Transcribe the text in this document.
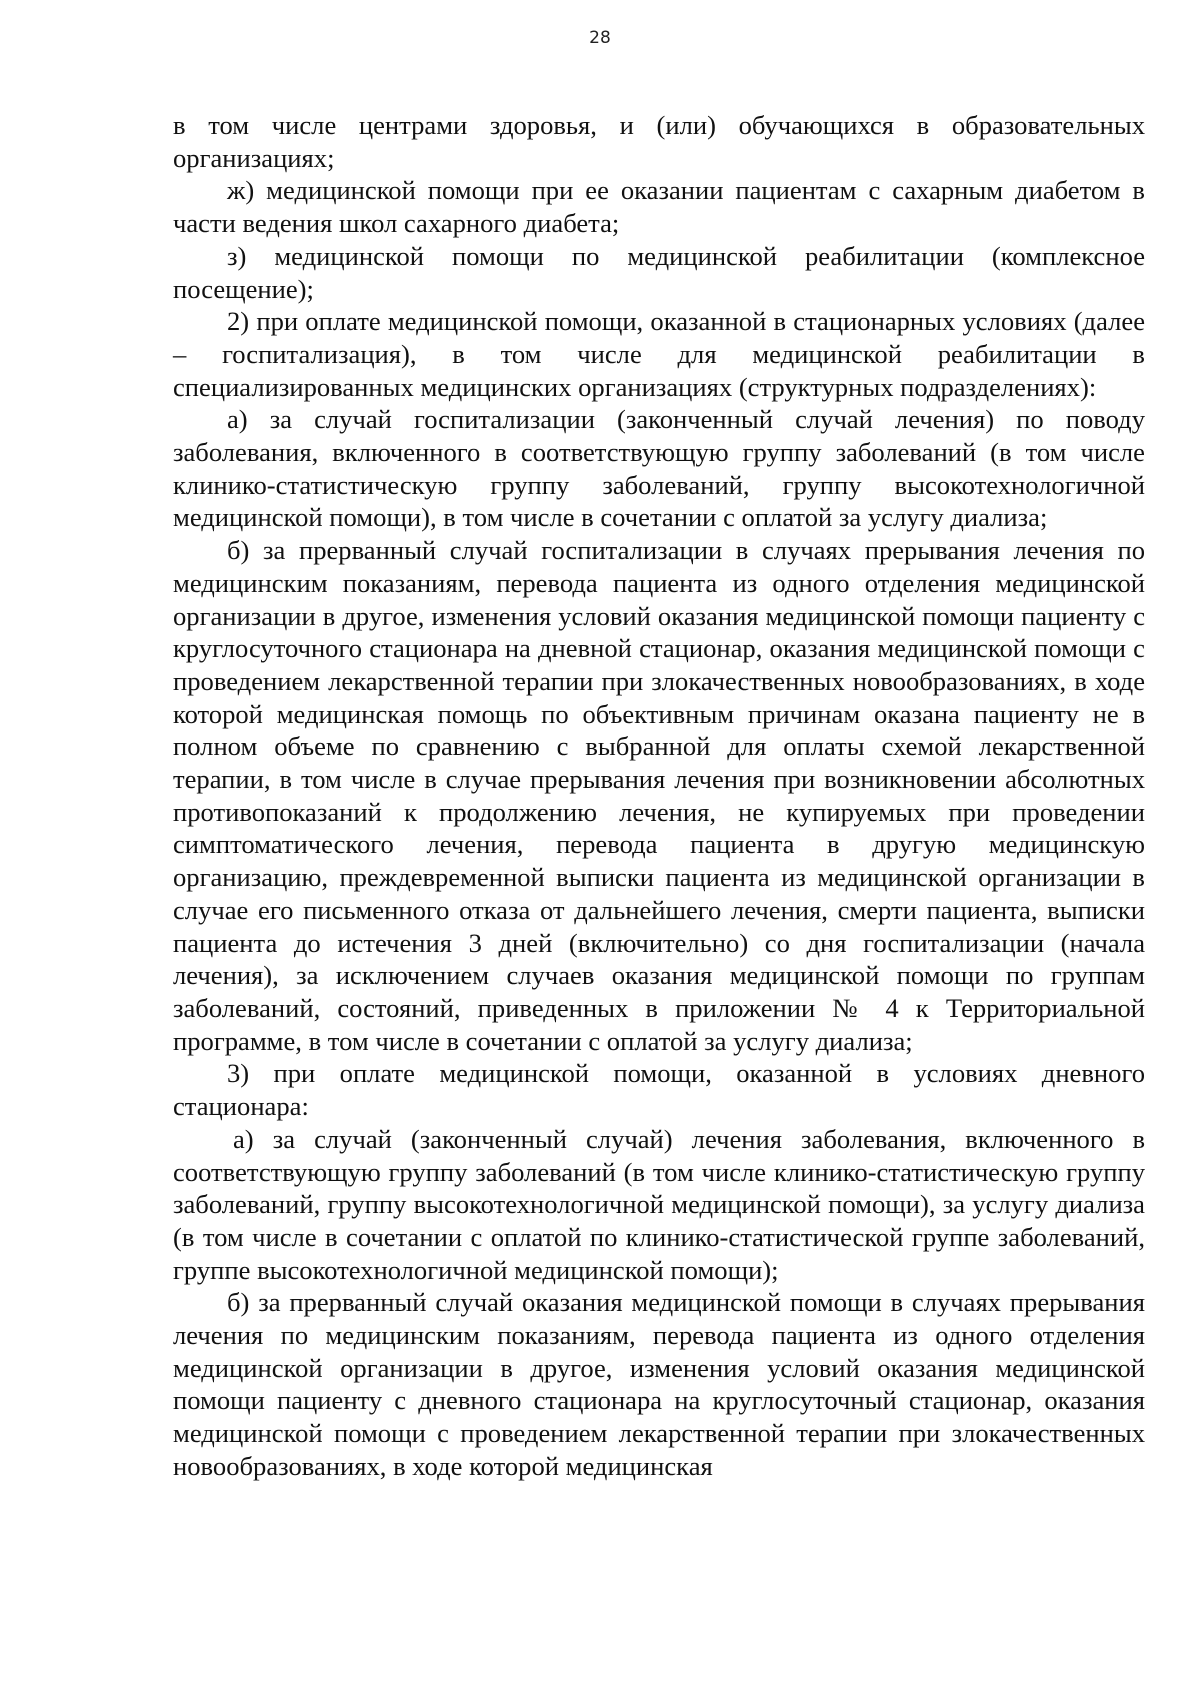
28

в том числе центрами здоровья, и (или) обучающихся в образовательных организациях;

ж) медицинской помощи при ее оказании пациентам с сахарным диабетом в части ведения школ сахарного диабета;

з) медицинской помощи по медицинской реабилитации (комплексное посещение);

2) при оплате медицинской помощи, оказанной в стационарных условиях (далее – госпитализация), в том числе для медицинской реабилитации в специализированных медицинских организациях (структурных подразделениях):

а) за случай госпитализации (законченный случай лечения) по поводу заболевания, включенного в соответствующую группу заболеваний (в том числе клинико-статистическую группу заболеваний, группу высокотехнологичной медицинской помощи), в том числе в сочетании с оплатой за услугу диализа;

б) за прерванный случай госпитализации в случаях прерывания лечения по медицинским показаниям, перевода пациента из одного отделения медицинской организации в другое, изменения условий оказания медицинской помощи пациенту с круглосуточного стационара на дневной стационар, оказания медицинской помощи с проведением лекарственной терапии при злокачественных новообразованиях, в ходе которой медицинская помощь по объективным причинам оказана пациенту не в полном объеме по сравнению с выбранной для оплаты схемой лекарственной терапии, в том числе в случае прерывания лечения при возникновении абсолютных противопоказаний к продолжению лечения, не купируемых при проведении симптоматического лечения, перевода пациента в другую медицинскую организацию, преждевременной выписки пациента из медицинской организации в случае его письменного отказа от дальнейшего лечения, смерти пациента, выписки пациента до истечения 3 дней (включительно) со дня госпитализации (начала лечения), за исключением случаев оказания медицинской помощи по группам заболеваний, состояний, приведенных в приложении № 4 к Территориальной программе, в том числе в сочетании с оплатой за услугу диализа;

3) при оплате медицинской помощи, оказанной в условиях дневного стационара:

а) за случай (законченный случай) лечения заболевания, включенного в соответствующую группу заболеваний (в том числе клинико-статистическую группу заболеваний, группу высокотехнологичной медицинской помощи), за услугу диализа (в том числе в сочетании с оплатой по клинико-статистической группе заболеваний, группе высокотехнологичной медицинской помощи);

б) за прерванный случай оказания медицинской помощи в случаях прерывания лечения по медицинским показаниям, перевода пациента из одного отделения медицинской организации в другое, изменения условий оказания медицинской помощи пациенту с дневного стационара на круглосуточный стационар, оказания медицинской помощи с проведением лекарственной терапии при злокачественных новообразованиях, в ходе которой медицинская
